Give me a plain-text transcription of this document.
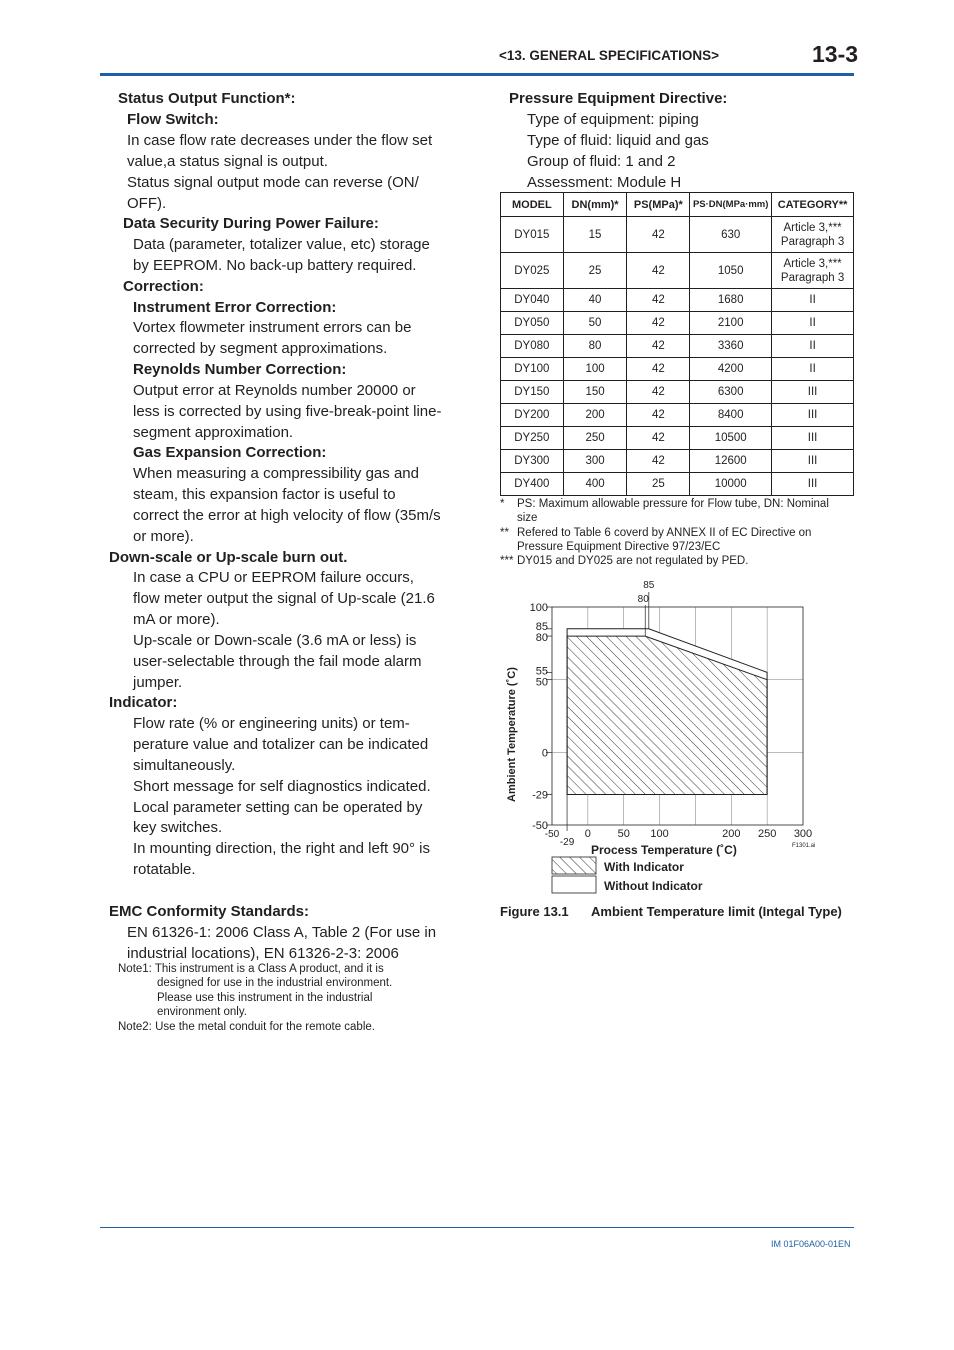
<13. GENERAL SPECIFICATIONS>	13-3
Status Output Function*:
Flow Switch:
In case flow rate decreases under the flow set
value,a status signal is output.
Status signal output mode can reverse (ON/
OFF).
Data Security During Power Failure:
Data (parameter, totalizer value, etc) storage
by EEPROM. No back-up battery required.
Correction:
Instrument Error Correction:
Vortex flowmeter instrument errors can be
corrected by segment approximations.
Reynolds Number Correction:
Output error at Reynolds number 20000 or
less is corrected by using five-break-point line-
segment approximation.
Gas Expansion Correction:
When measuring a compressibility gas and
steam, this expansion factor is useful to
correct the error at high velocity of flow (35m/s
or more).
Down-scale or Up-scale burn out.
In case a CPU or EEPROM failure occurs,
flow meter output the signal of Up-scale (21.6
mA or more).
Up-scale or Down-scale (3.6 mA or less) is
user-selectable through the fail mode alarm
jumper.
Indicator:
Flow rate (% or engineering units) or tem-
perature value and totalizer can be indicated
simultaneously.
Short message for self diagnostics indicated.
Local parameter setting can be operated by
key switches.
In mounting direction, the right and left 90° is
rotatable.
EMC Conformity Standards:
EN 61326-1: 2006 Class A, Table 2 (For use in
industrial locations), EN 61326-2-3: 2006
Note1: This instrument is a Class A product, and it is
designed for use in the industrial environment.
Please use this instrument in the industrial
environment only.
Note2: Use the metal conduit for the remote cable.
Pressure Equipment Directive:
Type of equipment: piping
Type of fluid: liquid and gas
Group of fluid: 1 and 2
Assessment: Module H
MODEL	DN(mm)*	PS(MPa)*	PS·DN(MPa·mm)	CATEGORY**
DY015	15	42	630	Article 3,***
Paragraph 3

DY025	25	42	1050	Article 3,***
Paragraph 3

DY040	40	42	1680	II
DY050	50	42	2100	II
DY080	80	42	3360	II
DY100	100	42	4200	II
DY150	150	42	6300	III
DY200	200	42	8400	III
DY250	250	42	10500	III
DY300	300	42	12600	III
DY400	400	25	10000	III
* PS: Maximum allowable pressure for Flow tube, DN: Nominal
size
** Refered to Table 6 coverd by ANNEX II of EC Directive on
Pressure Equipment Directive 97/23/EC
*** DY015 and DY025 are not regulated by PED.
100
85
80
55
50
0
-29
-50
-50
-29
0 50 100	200 250 300
85
80
Ambient Temperature (˚C)
Process Temperature (˚C)	F1301.ai
With Indicator
Without Indicator
Figure 13.1 Ambient Temperature limit (Integal Type)
IM 01F06A00-01EN
